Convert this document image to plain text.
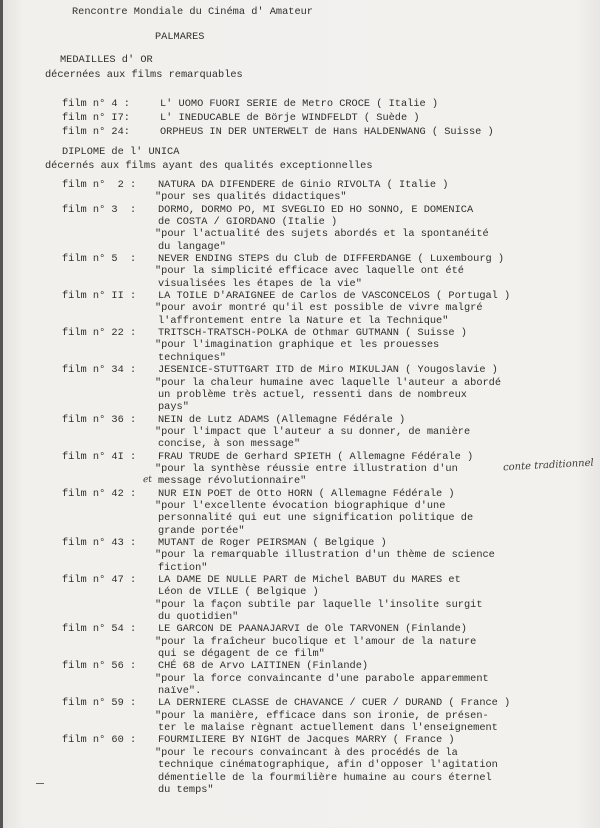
Rencontre Mondiale du Cinéma d' Amateur
PALMARES
MEDAILLES d' OR
décernées aux films remarquables
film n° 4 :	L' UOMO FUORI SERIE de Metro CROCE ( Italie )
film n° I7:	L' INEDUCABLE de Börje WINDFELDT ( Suède )
film n° 24:	ORPHEUS IN DER UNTERWELT de Hans HALDENWANG ( Suisse )
DIPLOME de l' UNICA
décernés aux films ayant des qualités exceptionnelles
film n°  2 :	NATURA DA DIFENDERE de Ginio RIVOLTA ( Italie )
"pour ses qualités didactiques"
film n° 3  :	DORMO, DORMO PO, MI SVEGLIO ED HO SONNO, E DOMENICA
de COSTA / GIORDANO (Italie )
"pour l'actualité des sujets abordés et la spontanéité
du langage"
film n° 5  :	NEVER ENDING STEPS du Club de DIFFERDANGE ( Luxembourg )
"pour la simplicité efficace avec laquelle ont été
visualisées les étapes de la vie"
film n° II :	LA TOILE D'ARAIGNEE de Carlos de VASCONCELOS ( Portugal )
"pour avoir montré qu'il est possible de vivre malgré
l'affrontement entre la Nature et la Technique"
film n° 22 :	TRITSCH-TRATSCH-POLKA de Othmar GUTMANN ( Suisse )
"pour l'imagination graphique et les prouesses
techniques"
film n° 34 :	JESENICE-STUTTGART ITD de Miro MIKULJAN ( Yougoslavie )
"pour la chaleur humaine avec laquelle l'auteur a abordé
un problème très actuel, ressenti dans de nombreux
pays"
film n° 36 :	NEIN de Lutz ADAMS (Allemagne Fédérale )
"pour l'impact que l'auteur a su donner, de manière
concise, à son message"
film n° 4I :	FRAU TRUDE de Gerhard SPIETH ( Allemagne Fédérale )
"pour la synthèse réussie entre illustration d'un
message révolutionnaire"
film n° 42 :	NUR EIN POET de Otto HORN ( Allemagne Fédérale )
"pour l'excellente évocation biographique d'une
personnalité qui eut une signification politique de
grande portée"
film n° 43 :	MUTANT de Roger PEIRSMAN ( Belgique )
"pour la remarquable illustration d'un thème de science
fiction"
film n° 47 :	LA DAME DE NULLE PART de Michel BABUT du MARES et
Léon de VILLE ( Belgique )
"pour la façon subtile par laquelle l'insolite surgit
du quotidien"
film n° 54 :	LE GARCON DE PAANAJARVI de Ole TARVONEN (Finlande)
"pour la fraîcheur bucolique et l'amour de la nature
qui se dégagent de ce film"
film n° 56 :	CHÉ 68 de Arvo LAITINEN (Finlande)
"pour la force convaincante d'une parabole apparemment
naïve".
film n° 59 :	LA DERNIERE CLASSE de CHAVANCE / CUER / DURAND ( France )
"pour la manière, efficace dans son ironie, de présen-
ter le malaise règnant actuellement dans l'enseignement
film n° 60 :	FOURMILIERE BY NIGHT de Jacques MARRY ( France )
"pour le recours convaincant à des procédés de la
technique cinématographique, afin d'opposer l'agitation
démentielle de la fourmilière humaine au cours éternel
du temps"
conte traditionnel
et
